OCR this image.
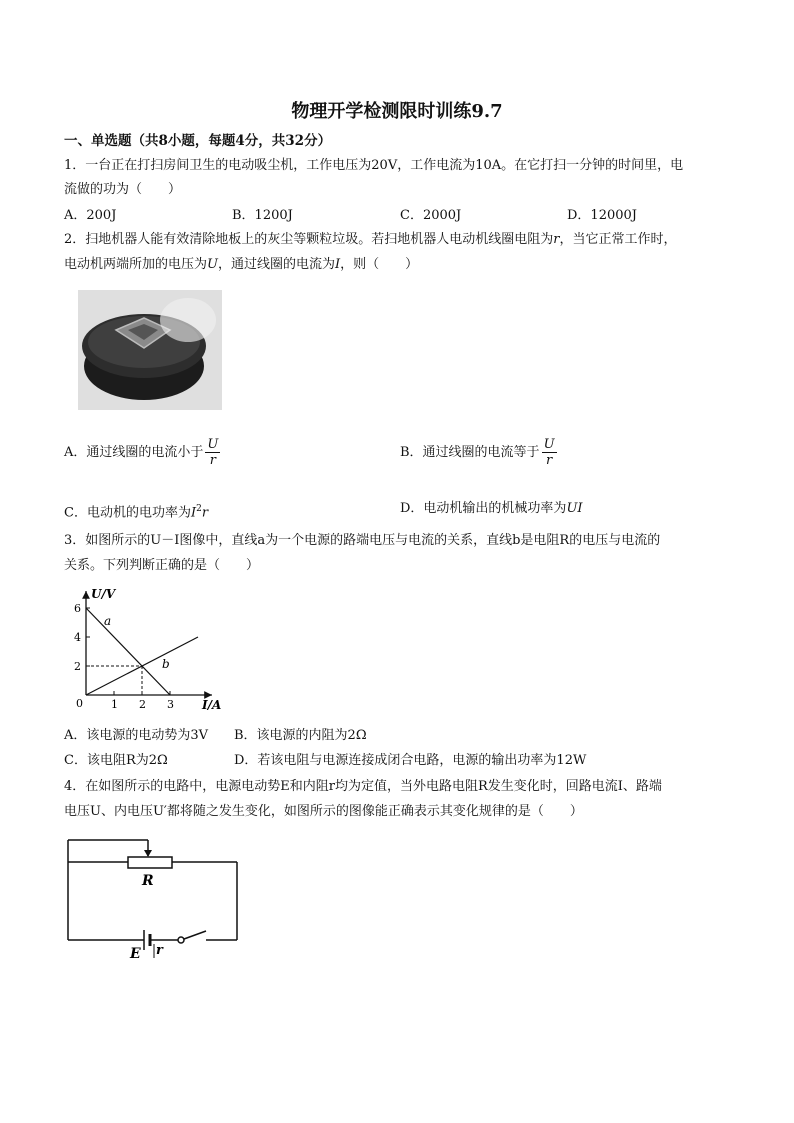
物理开学检测限时训练9.7
一、单选题（共8小题，每题4分，共32分）
1．一台正在打扫房间卫生的电动吸尘机，工作电压为20V，工作电流为10A。在它打扫一分钟的时间里，电
流做的功为（　　）
A．200J	B．1200J	C．2000J	D．12000J
2．扫地机器人能有效清除地板上的灰尘等颗粒垃圾。若扫地机器人电动机线圈电阻为r，当它正常工作时，
电动机两端所加的电压为U，通过线圈的电流为I，则（　　）
A．通过线圈的电流小于 $\frac{U}{r}$	B．通过线圈的电流等于 $\frac{U}{r}$
C．电动机的电功率为$I^2r$	D．电动机输出的机械功率为UI
3．如图所示的U－I图像中，直线a为一个电源的路端电压与电流的关系，直线b是电阻R的电压与电流的
关系。下列判断正确的是（　　）
U/V
I/A
0
6
4
2
1 2 3
a
b
A．该电源的电动势为3V B．该电源的内阻为2Ω
C．该电阻R为2Ω	D．若该电阻与电源连接成闭合电路，电源的输出功率为12W
4．在如图所示的电路中，电源电动势E和内阻r均为定值，当外电路电阻R发生变化时，回路电流I、路端
电压U、内电压U′都将随之发生变化，如图所示的图像能正确表示其变化规律的是（　　）
R
E r
